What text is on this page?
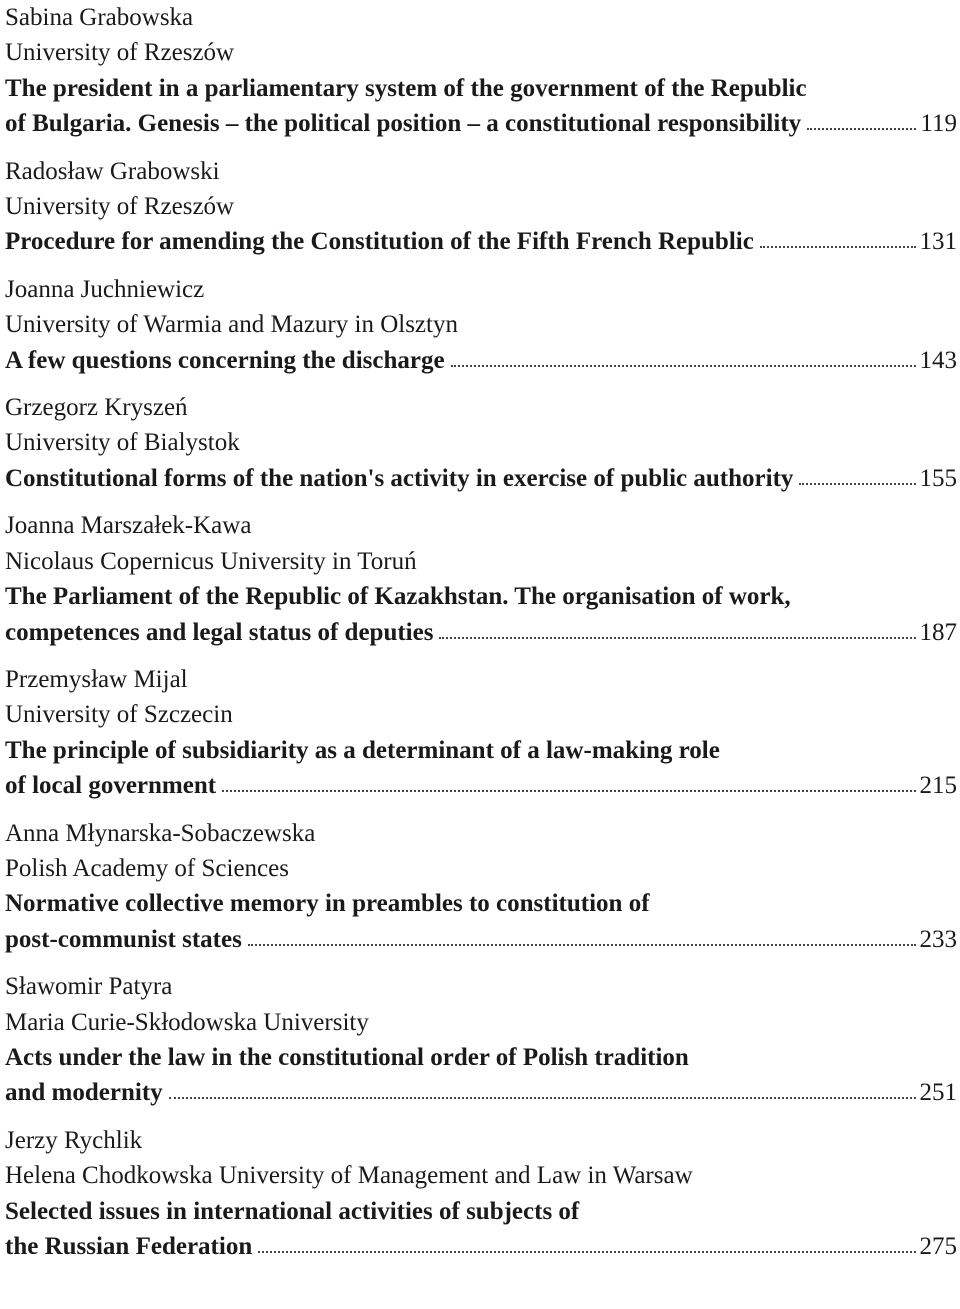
Sabina Grabowska
University of Rzeszów
The president in a parliamentary system of the government of the Republic
of Bulgaria. Genesis – the political position – a constitutional responsibility	119
Radosław Grabowski
University of Rzeszów
Procedure for amending the Constitution of the Fifth French Republic	131
Joanna Juchniewicz
University of Warmia and Mazury in Olsztyn
A few questions concerning the discharge	143
Grzegorz Kryszeń
University of Bialystok
Constitutional forms of the nation's activity in exercise of public authority	155
Joanna Marszałek-Kawa
Nicolaus Copernicus University in Toruń
The Parliament of the Republic of Kazakhstan. The organisation of work,
competences and legal status of deputies	187
Przemysław Mijal
University of Szczecin
The principle of subsidiarity as a determinant of a law-making role
of local government	215
Anna Młynarska-Sobaczewska
Polish Academy of Sciences
Normative collective memory in preambles to constitution of
post-communist states	233
Sławomir Patyra
Maria Curie-Skłodowska University
Acts under the law in the constitutional order of Polish tradition
and modernity	251
Jerzy Rychlik
Helena Chodkowska University of Management and Law in Warsaw
Selected issues in international activities of subjects of
the Russian Federation	275
